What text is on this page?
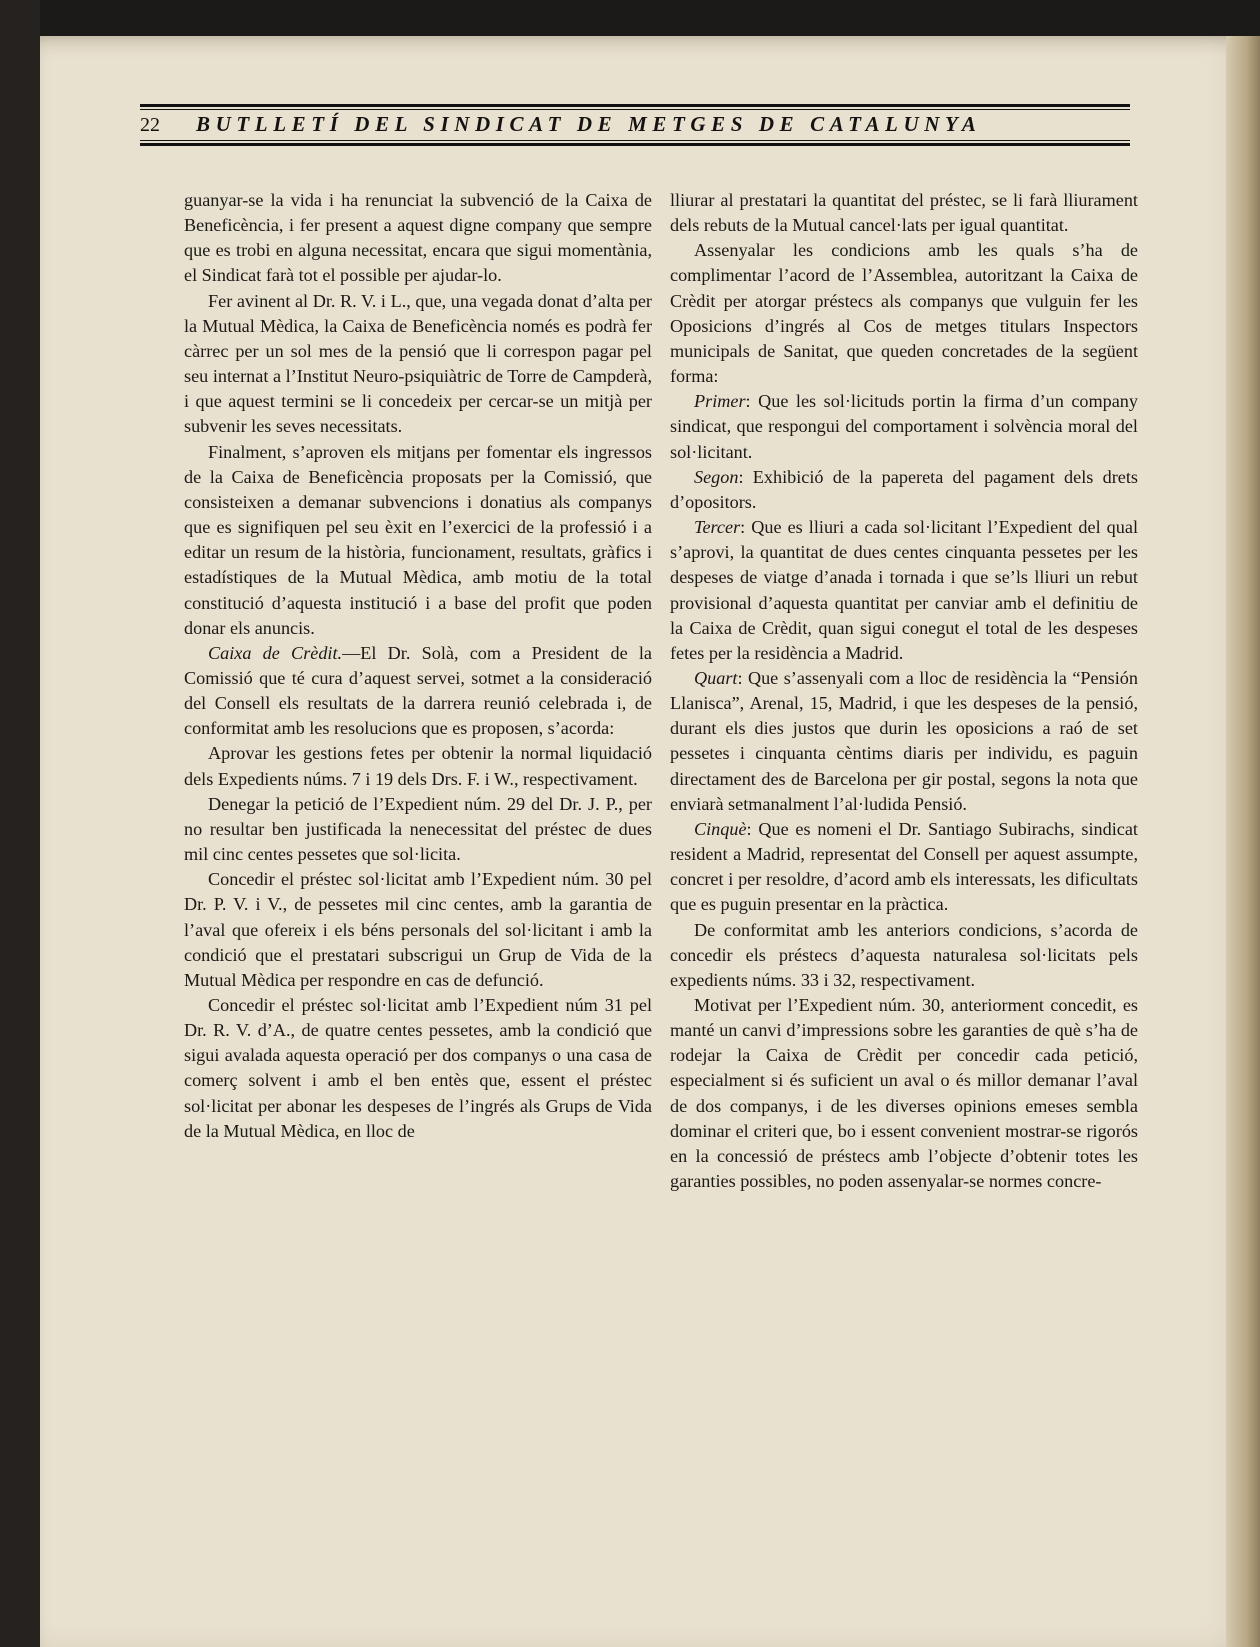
22 BUTLLETÍ DEL SINDICAT DE METGES DE CATALUNYA

guanyar-se la vida i ha renunciat la subvenció de la Caixa de Beneficència, i fer present a aquest digne company que sempre que es trobi en alguna necessitat, encara que sigui momentània, el Sindicat farà tot el possible per ajudar-lo.

Fer avinent al Dr. R. V. i L., que, una vegada donat d’alta per la Mutual Mèdica, la Caixa de Beneficència només es podrà fer càrrec per un sol mes de la pensió que li correspon pagar pel seu internat a l’Institut Neuro-psiquiàtric de Torre de Campderà, i que aquest termini se li concedeix per cercar-se un mitjà per subvenir les seves necessitats.

Finalment, s’aproven els mitjans per fomentar els ingressos de la Caixa de Beneficència proposats per la Comissió, que consisteixen a demanar subvencions i donatius als companys que es signifiquen pel seu èxit en l’exercici de la professió i a editar un resum de la història, funcionament, resultats, gràfics i estadístiques de la Mutual Mèdica, amb motiu de la total constitució d’aquesta institució i a base del profit que poden donar els anuncis.

Caixa de Crèdit.—El Dr. Solà, com a President de la Comissió que té cura d’aquest servei, sotmet a la consideració del Consell els resultats de la darrera reunió celebrada i, de conformitat amb les resolucions que es proposen, s’acorda:

Aprovar les gestions fetes per obtenir la normal liquidació dels Expedients núms. 7 i 19 dels Drs. F. i W., respectivament.

Denegar la petició de l’Expedient núm. 29 del Dr. J. P., per no resultar ben justificada la nenecessitat del préstec de dues mil cinc centes pessetes que sol·licita.

Concedir el préstec sol·licitat amb l’Expedient núm. 30 pel Dr. P. V. i V., de pessetes mil cinc centes, amb la garantia de l’aval que ofereix i els béns personals del sol·licitant i amb la condició que el prestatari subscrigui un Grup de Vida de la Mutual Mèdica per respondre en cas de defunció.

Concedir el préstec sol·licitat amb l’Expedient núm 31 pel Dr. R. V. d’A., de quatre centes pessetes, amb la condició que sigui avalada aquesta operació per dos companys o una casa de comerç solvent i amb el ben entès que, essent el préstec sol·licitat per abonar les despeses de l’ingrés als Grups de Vida de la Mutual Mèdica, en lloc de

lliurar al prestatari la quantitat del préstec, se li farà lliurament dels rebuts de la Mutual cancel·lats per igual quantitat.

Assenyalar les condicions amb les quals s’ha de complimentar l’acord de l’Assemblea, autoritzant la Caixa de Crèdit per atorgar préstecs als companys que vulguin fer les Oposicions d’ingrés al Cos de metges titulars Inspectors municipals de Sanitat, que queden concretades de la següent forma:

Primer: Que les sol·licituds portin la firma d’un company sindicat, que respongui del comportament i solvència moral del sol·licitant.

Segon: Exhibició de la papereta del pagament dels drets d’opositors.

Tercer: Que es lliuri a cada sol·licitant l’Expedient del qual s’aprovi, la quantitat de dues centes cinquanta pessetes per les despeses de viatge d’anada i tornada i que se’ls lliuri un rebut provisional d’aquesta quantitat per canviar amb el definitiu de la Caixa de Crèdit, quan sigui conegut el total de les despeses fetes per la residència a Madrid.

Quart: Que s’assenyali com a lloc de residència la “Pensión Llanisca”, Arenal, 15, Madrid, i que les despeses de la pensió, durant els dies justos que durin les oposicions a raó de set pessetes i cinquanta cèntims diaris per individu, es paguin directament des de Barcelona per gir postal, segons la nota que enviarà setmanalment l’al·ludida Pensió.

Cinquè: Que es nomeni el Dr. Santiago Subirachs, sindicat resident a Madrid, representat del Consell per aquest assumpte, concret i per resoldre, d’acord amb els interessats, les dificultats que es puguin presentar en la pràctica.

De conformitat amb les anteriors condicions, s’acorda de concedir els préstecs d’aquesta naturalesa sol·licitats pels expedients núms. 33 i 32, respectivament.

Motivat per l’Expedient núm. 30, anteriorment concedit, es manté un canvi d’impressions sobre les garanties de què s’ha de rodejar la Caixa de Crèdit per concedir cada petició, especialment si és suficient un aval o és millor demanar l’aval de dos companys, i de les diverses opinions emeses sembla dominar el criteri que, bo i essent convenient mostrar-se rigorós en la concessió de préstecs amb l’objecte d’obtenir totes les garanties possibles, no poden assenyalar-se normes concre-
